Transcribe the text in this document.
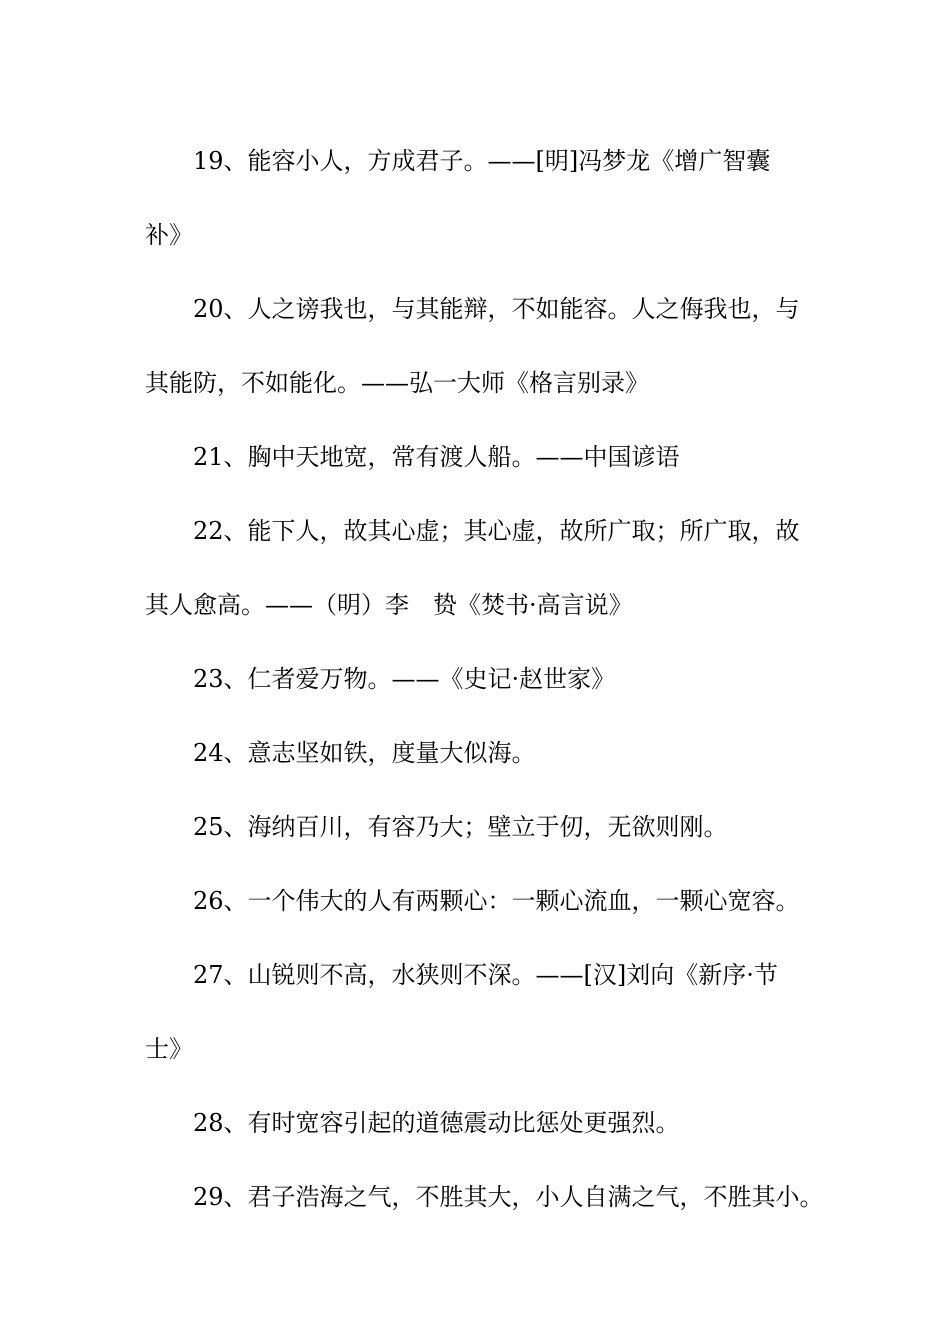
19、能容小人，方成君子。——[明]冯梦龙《增广智囊
补》
20、人之谤我也，与其能辩，不如能容。人之侮我也，与
其能防，不如能化。——弘一大师《格言别录》
21、胸中天地宽，常有渡人船。——中国谚语
22、能下人，故其心虚；其心虚，故所广取；所广取，故
其人愈高。——（明）李　贽《焚书·高言说》
23、仁者爱万物。——《史记·赵世家》
24、意志坚如铁，度量大似海。
25、海纳百川，有容乃大；壁立于仞，无欲则刚。
26、一个伟大的人有两颗心：一颗心流血，一颗心宽容。
27、山锐则不高，水狭则不深。——[汉]刘向《新序·节
士》
28、有时宽容引起的道德震动比惩处更强烈。
29、君子浩海之气，不胜其大，小人自满之气，不胜其小。
